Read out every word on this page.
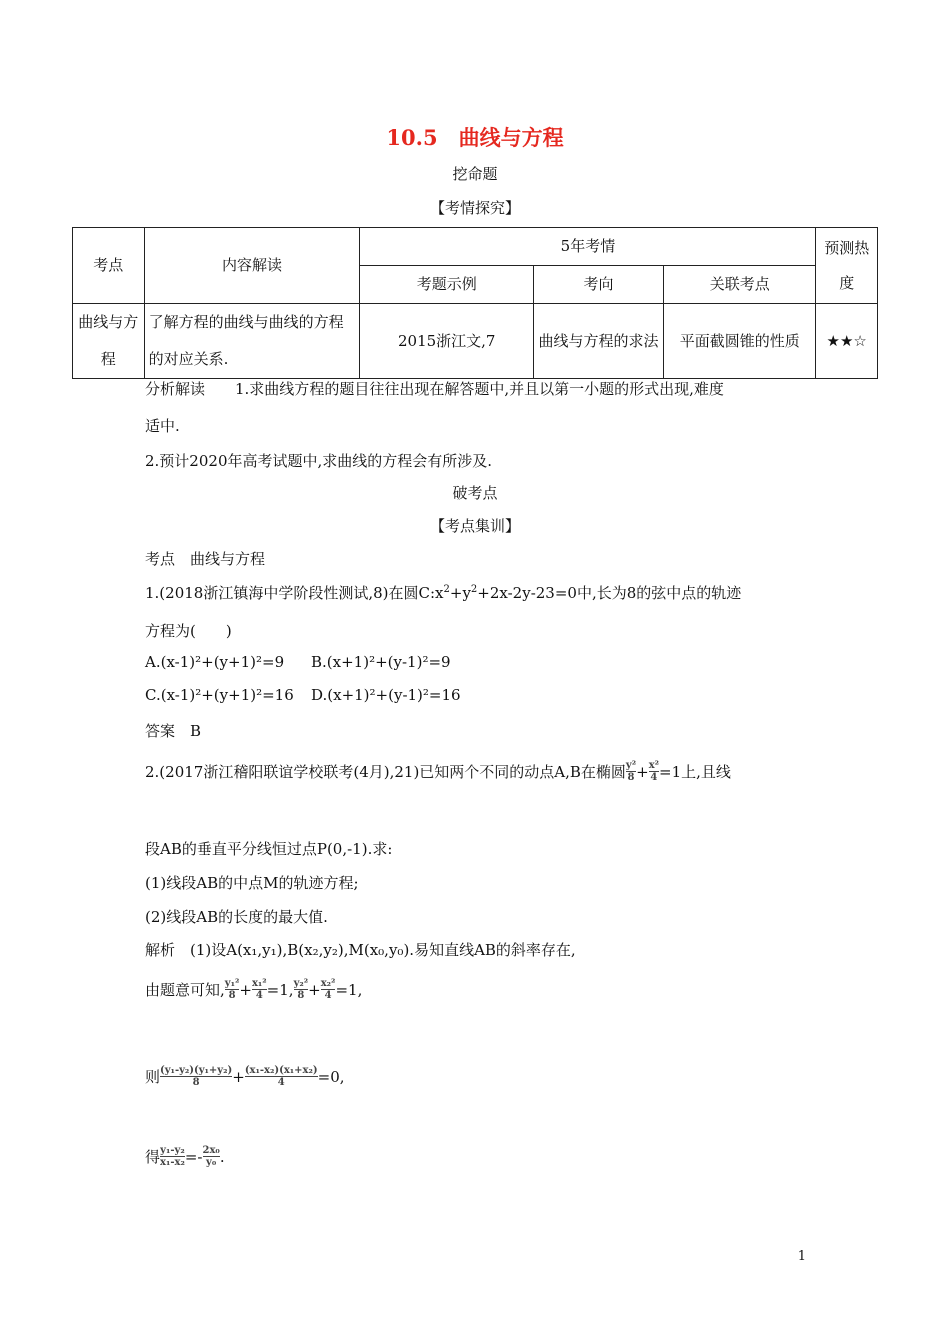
10.5　曲线与方程
挖命题
【考情探究】
考点	内容解读	5年考情			预测热度
		考题示例	考向	关联考点	
曲线与方程	了解方程的曲线与曲线的方程的对应关系.	2015浙江文,7	曲线与方程的求法	平面截圆锥的性质	★★☆
分析解读　　1.求曲线方程的题目往往出现在解答题中,并且以第一小题的形式出现,难度
适中.
2.预计2020年高考试题中,求曲线的方程会有所涉及.
破考点
【考点集训】
考点　曲线与方程
1.(2018浙江镇海中学阶段性测试,8)在圆$C:x^2+y^2+2x-2y-23=0$中,长为8的弦中点的轨迹
方程为(　　)
A.(x-1)²+(y+1)²=9 B.(x+1)²+(y-1)²=9
C.(x-1)²+(y+1)²=16 D.(x+1)²+(y-1)²=16
答案　B
2.(2017浙江稽阳联谊学校联考(4月),21)已知两个不同的动点A,B在椭圆$\frac{\text{y²}}{8} +\frac{\text{x²}}{4} =1$上,且线
段AB的垂直平分线恒过点P(0,-1).求:
(1)线段AB的中点M的轨迹方程;
(2)线段AB的长度的最大值.
解析　(1)设A(x₁,y₁),B(x₂,y₂),M(x₀,y₀).易知直线AB的斜率存在,
由题意可知$,\frac{\text{y₁²}}{8} +\frac{\text{x₁²}}{4} =1,\frac{\text{y₂²}}{8} +\frac{\text{x₂²}}{4} =1$,
则$\frac{\text{(y₁-y₂)(y₁+y₂)}}{8} +\frac{\text{(x₁-x₂)(x₁+x₂)}}{4} =0$,
得$\frac{\text{y₁-y₂}}{\text{x₁-x₂}} =-\frac{\text{2x₀}}{\text{y₀}}$ .
1
